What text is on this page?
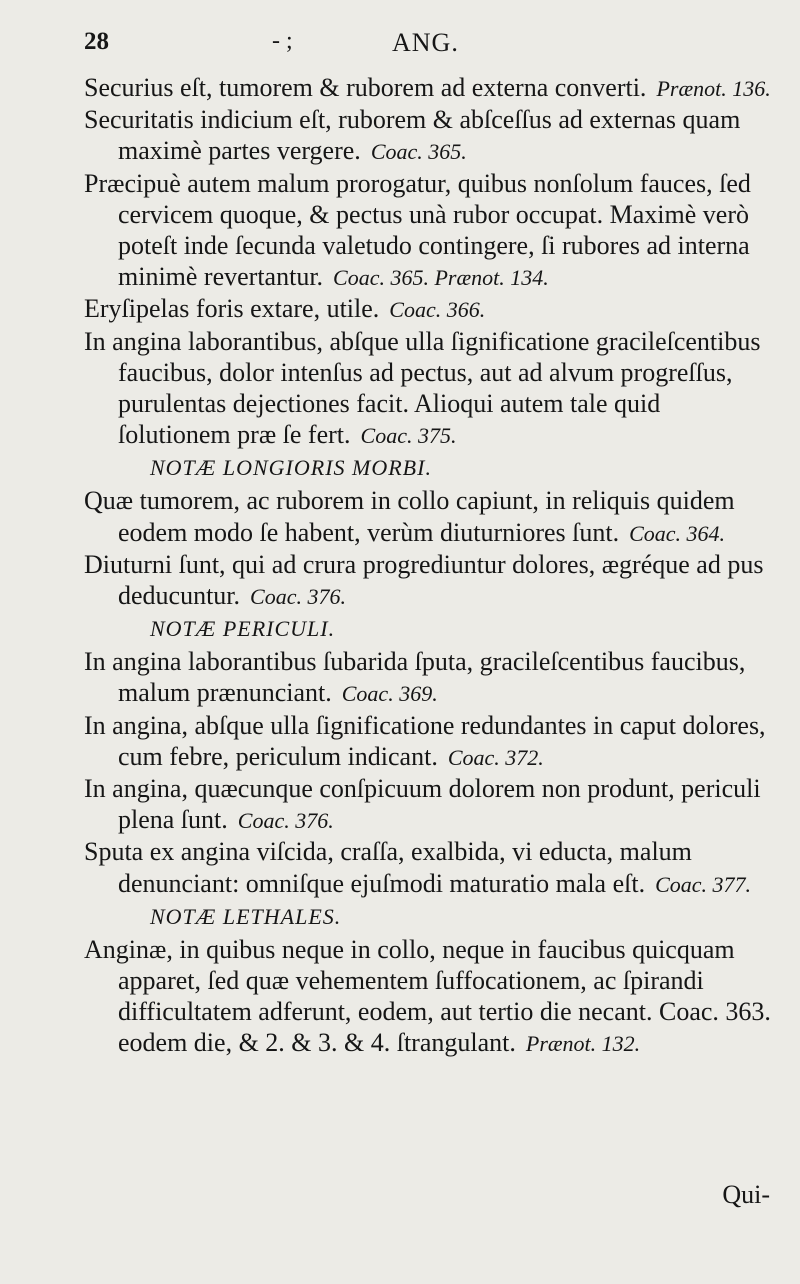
28	- ;	ANG.

Securius eſt, tumorem & ruborem ad externa converti. Prænot. 136.

Securitatis indicium eſt, ruborem & abſceſſus ad externas quam maximè partes vergere. Coac. 365.

Præcipuè autem malum prorogatur, quibus nonſolum fauces, ſed cervicem quoque, & pectus unà rubor occupat. Maximè verò poteſt inde ſecunda valetudo contingere, ſi rubores ad interna minimè revertantur. Coac. 365. Prænot. 134.

Eryſipelas foris extare, utile. Coac. 366.

In angina laborantibus, abſque ulla ſignificatione gracileſcentibus faucibus, dolor intenſus ad pectus, aut ad alvum progreſſus, purulentas dejectiones facit. Alioqui autem tale quid ſolutionem præ ſe fert. Coac. 375.

NOTÆ LONGIORIS MORBI.

Quæ tumorem, ac ruborem in collo capiunt, in reliquis quidem eodem modo ſe habent, verùm diuturniores ſunt. Coac. 364.

Diuturni ſunt, qui ad crura progrediuntur dolores, ægréque ad pus deducuntur. Coac. 376.

NOTÆ PERICULI.

In angina laborantibus ſubarida ſputa, gracileſcentibus faucibus, malum prænunciant. Coac. 369.

In angina, abſque ulla ſignificatione redundantes in caput dolores, cum febre, periculum indicant. Coac. 372.

In angina, quæcunque conſpicuum dolorem non produnt, periculi plena ſunt. Coac. 376.

Sputa ex angina viſcida, craſſa, exalbida, vi educta, malum denunciant: omniſque ejuſmodi maturatio mala eſt. Coac. 377.

NOTÆ LETHALES.

Anginæ, in quibus neque in collo, neque in faucibus quicquam apparet, ſed quæ vehementem ſuffocationem, ac ſpirandi difficultatem adferunt, eodem, aut tertio die necant. Coac. 363. eodem die, & 2. & 3. & 4. ſtrangulant. Prænot. 132.

Qui-
